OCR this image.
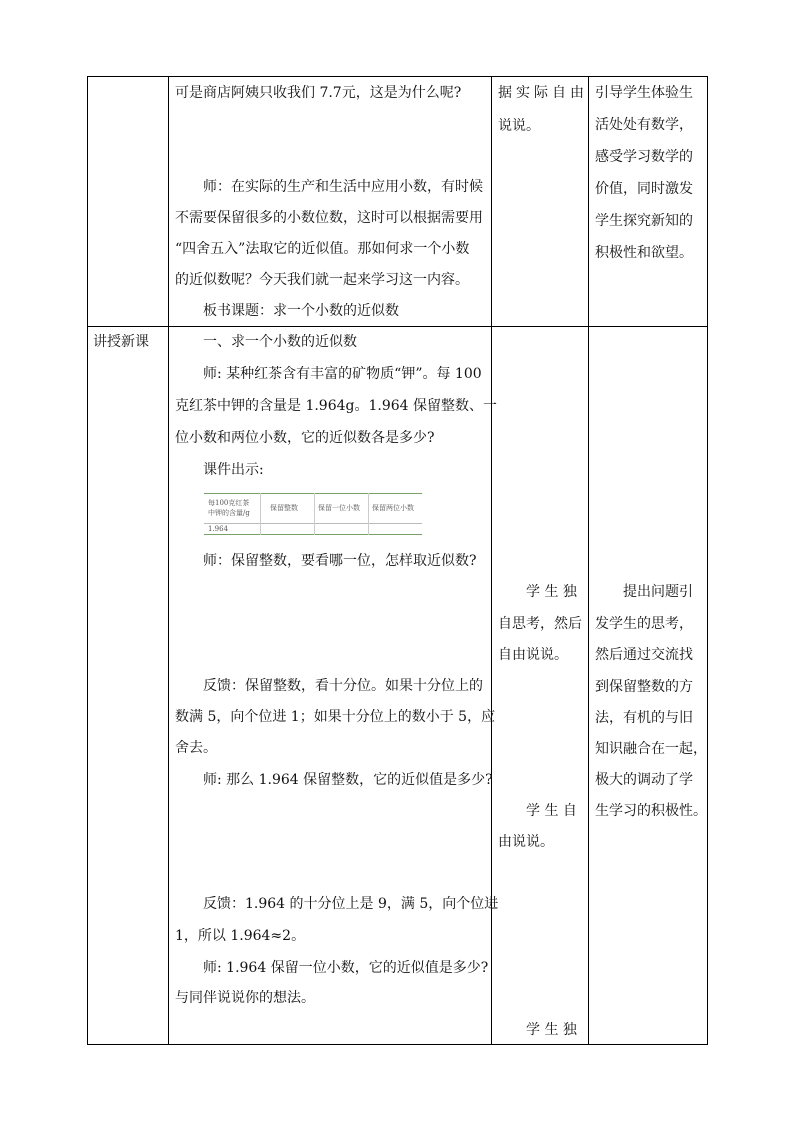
可是商店阿姨只收我们 7.7元，这是为什么呢?
师：在实际的生产和生活中应用小数，有时候
不需要保留很多的小数位数，这时可以根据需要用
“四舍五入”法取它的近似值。那如何求一个小数
的近似数呢？今天我们就一起来学习这一内容。
板书课题：求一个小数的近似数
据实际自由
说说。
引导学生体验生
活处处有数学，
感受学习数学的
价值，同时激发
学生探究新知的
积极性和欲望。
讲授新课	一、求一个小数的近似数
师: 某种红茶含有丰富的矿物质“钾”。每 100
克红茶中钾的含量是 1.964g。1.964 保留整数、一
位小数和两位小数，它的近似数各是多少?
课件出示:
每100克红茶
中钾的含量/g
保留整数	保留一位小数 保留两位小数
1.964
师：保留整数，要看哪一位，怎样取近似数?
反馈：保留整数，看十分位。如果十分位上的
数满 5，向个位进 1；如果十分位上的数小于 5，应
舍去。
师: 那么 1.964 保留整数，它的近似值是多少?
反馈：1.964 的十分位上是 9，满 5，向个位进
1，所以 1.964≈2。
师: 1.964 保留一位小数，它的近似值是多少?
与同伴说说你的想法。
学 生 独
自思考，然后
自由说说。
学 生 自
由说说。
学 生 独
提出问题引
发学生的思考，
然后通过交流找
到保留整数的方
法，有机的与旧
知识融合在一起，
极大的调动了学
生学习的积极性。
